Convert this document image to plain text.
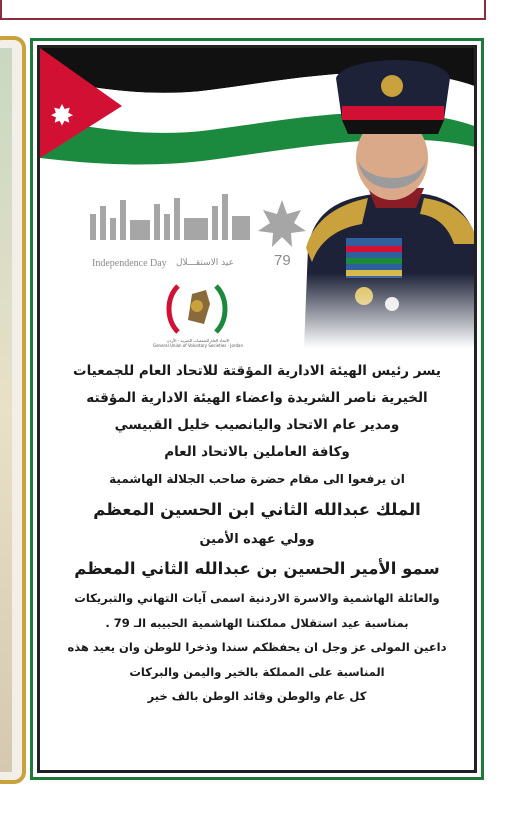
Independence Day عيد الاستقـــلال	79
الاتحاد العام للجمعيات الخيرية - الأردن
General Union of Voluntary Societies - Jordan
يسر رئيس الهيئة الادارية المؤقتة للاتحاد العام للجمعيات
الخيرية ناصر الشريدة واعضاء الهيئة الادارية المؤقته
ومدير عام الاتحاد واليانصيب خليل القبيسي
وكافة العاملين بالاتحاد العام
ان يرفعوا الى مقام حضرة صاحب الجلالة الهاشمية
الملك عبدالله الثاني ابن الحسين المعظم
وولي عهده الأمين
سمو الأمير الحسين بن عبدالله الثاني المعظم
والعائلة الهاشمية والاسرة الاردنية اسمى آيات التهاني والتبريكات
بمناسبة عيد استقلال مملكتنا الهاشمية الحبيبه الـ 79 .
داعين المولى عز وجل ان يحفظكم سندا وذخرا للوطن وان يعيد هذه
المناسبة على المملكة بالخير واليمن والبركات
كل عام والوطن وقائد الوطن بالف خير
